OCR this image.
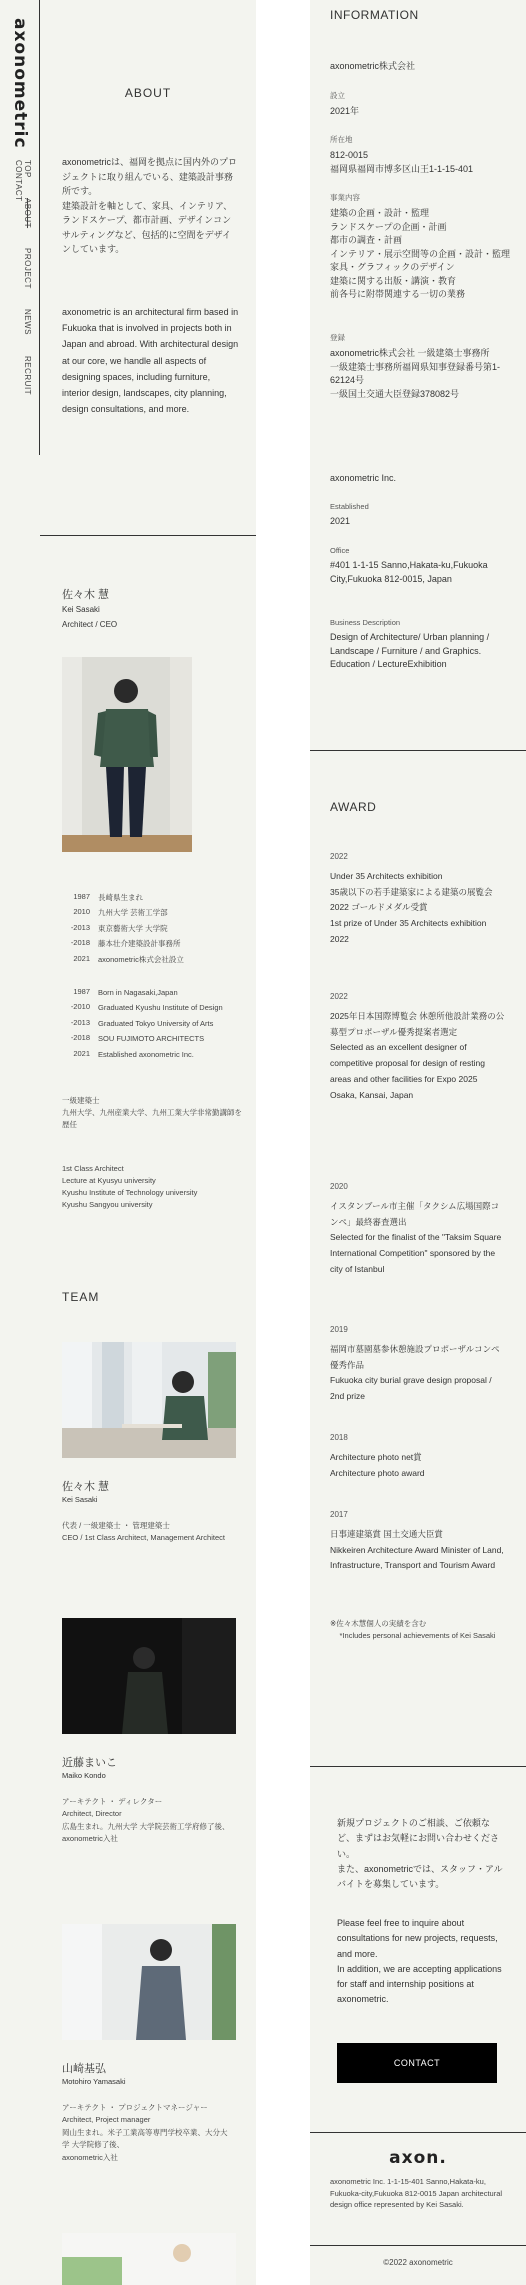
axonometric
TOP ABOUT PROJECT NEWS RECRUIT CONTACT
ABOUT
axonometricは、福岡を拠点に国内外のプロジェクトに取り組んでいる、建築設計事務所です。
建築設計を軸として、家具、インテリア、ランドスケープ、都市計画、デザインコンサルティングなど、包括的に空間をデザインしています。
axonometric is an architectural firm based in Fukuoka that is involved in projects both in Japan and abroad. With architectural design at our core, we handle all aspects of designing spaces, including furniture, interior design, landscapes, city planning, design consultations, and more.
佐々木 慧
Kei Sasaki
Architect / CEO
1987 長崎県生まれ
2010 九州大学 芸術工学部
-2013 東京藝術大学 大学院
-2018 藤本壮介建築設計事務所
2021 axonometric株式会社設立
1987 Born in Nagasaki,Japan
-2010 Graduated Kyushu Institute of Design
-2013 Graduated Tokyo University of Arts
-2018 SOU FUJIMOTO ARCHITECTS
2021 Established axonometric Inc.
一級建築士
九州大学、九州産業大学、九州工業大学非常勤講師を歴任
1st Class Architect
Lecture at Kyusyu university
Kyushu Institute of Technology university
Kyushu Sangyou university
TEAM
佐々木 慧
Kei Sasaki
代表 / 一級建築士 ・ 管理建築士
CEO / 1st Class Architect, Management Architect
近藤まいこ
Maiko Kondo
アーキテクト ・ ディレクター
Architect, Director
広島生まれ。九州大学 大学院芸術工学府修了後、
axonometric入社
山崎基弘
Motohiro Yamasaki
アーキテクト ・ プロジェクトマネージャー
Architect, Project manager
岡山生まれ。米子工業高等専門学校卒業、大分大学 大学院修了後、
axonometric入社
INFORMATION
axonometric株式会社
設立
2021年
所在地
812-0015
福岡県福岡市博多区山王1-1-15-401
事業内容
建築の企画・設計・監理
ランドスケープの企画・計画
都市の調査・計画
インテリア・展示空間等の企画・設計・監理
家具・グラフィックのデザイン
建築に関する出版・講演・教育
前各号に附帯関連する一切の業務
登録
axonometric株式会社 一級建築士事務所
一級建築士事務所福岡県知事登録番号第1-62124号
一級国土交通大臣登録378082号
axonometric Inc.
Established
2021
Office
#401 1-1-15 Sanno,Hakata-ku,Fukuoka City,Fukuoka 812-0015, Japan
Business Description
Design of Architecture/ Urban planning / Landscape / Furniture / and Graphics.
Education / LectureExhibition
AWARD
2022
Under 35 Architects exhibition
35歳以下の若手建築家による建築の展覧会2022 ゴールドメダル受賞
1st prize of Under 35 Architects exhibition 2022
2022
2025年日本国際博覧会 休憩所他設計業務の公募型プロポーザル優秀提案者選定
Selected as an excellent designer of competitive proposal for design of resting areas and other facilities for Expo 2025 Osaka, Kansai, Japan
2020
イスタンブール市主催「タクシム広場国際コンペ」最終審査選出
Selected for the finalist of the "Taksim Square International Competition" sponsored by the city of Istanbul
2019
福岡市墓園墓参休憩施設プロポーザルコンペ優秀作品
Fukuoka city burial grave design proposal / 2nd prize
2018
Architecture photo net賞
Architecture photo award
2017
日事連建築賞 国土交通大臣賞
Nikkeiren Architecture Award Minister of Land, Infrastructure, Transport and Tourism Award
※佐々木慧個人の実績を含む
*Includes personal achievements of Kei Sasaki
新規プロジェクトのご相談、ご依頼など、まずはお気軽にお問い合わせください。
また、axonometricでは、スタッフ・アルバイトを募集しています。
Please feel free to inquire about consultations for new projects, requests, and more.
In addition, we are accepting applications for staff and internship positions at axonometric.
CONTACT
axon.
axonometric Inc. 1-1-15-401 Sanno,Hakata-ku, Fukuoka-city,Fukuoka 812-0015 Japan architectural design office represented by Kei Sasaki.
©2022 axonometric
